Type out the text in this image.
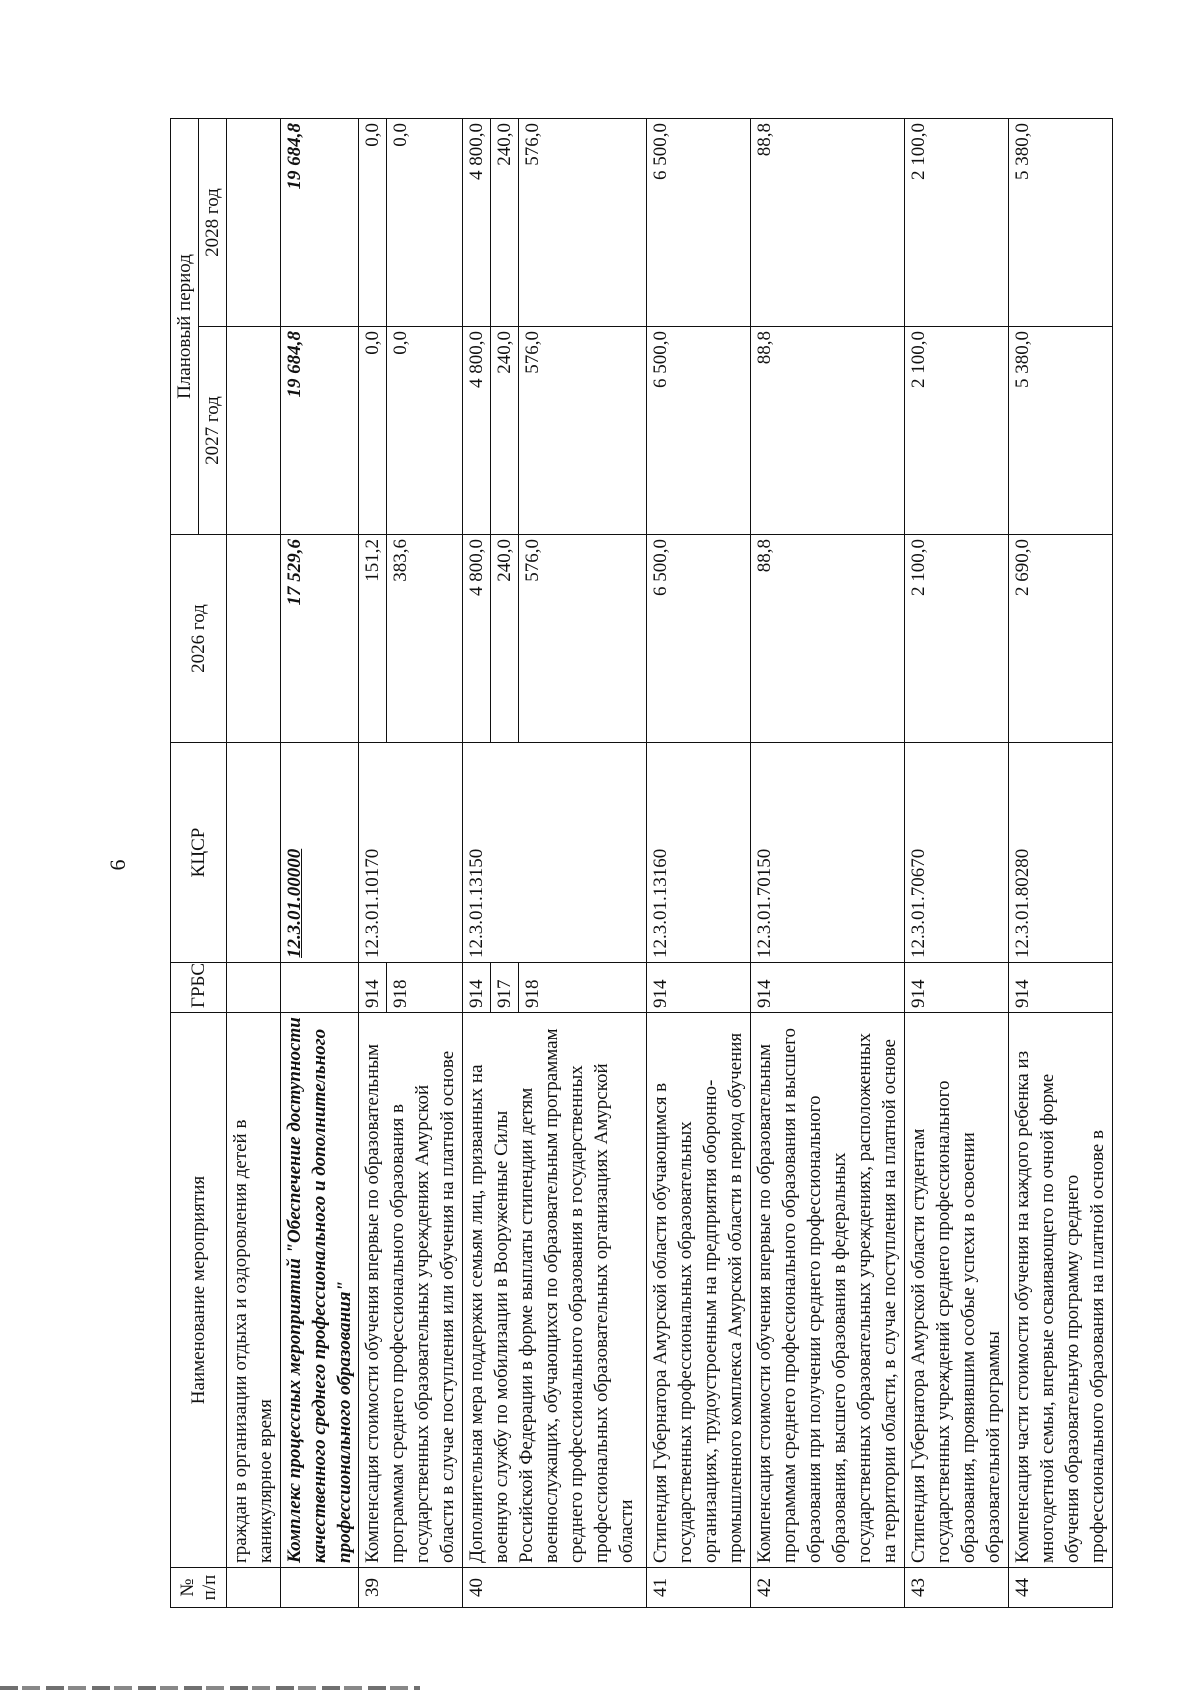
6
№
п/п	Наименование мероприятия	ГРБС	КЦСР	2026 год	Плановый период	
					2027 год	2028 год
	граждан в организации отдыха и оздоровления детей в каникулярное время					
	Комплекс процессных мероприятий "Обеспечение доступности качественного среднего профессионального и дополнительного профессионального образования"		12.3.01.00000	17 529,6	19 684,8	19 684,8
39	Компенсация стоимости обучения впервые по образовательным программам среднего профессионального образования в государственных образовательных учреждениях Амурской области в случае поступления или обучения на платной основе	914	12.3.01.10170	151,2	0,0	0,0
		918		383,6	0,0	0,0
40	Дополнительная мера поддержки семьям лиц, призванных на военную службу по мобилизации в Вооруженные Силы Российской Федерации в форме выплаты стипендии детям военнослужащих, обучающихся по образовательным программам среднего профессионального образования в государственных профессиональных образовательных организациях Амурской области	914	12.3.01.13150	4 800,0	4 800,0	4 800,0
		917		240,0	240,0	240,0
		918		576,0	576,0	576,0
41	Стипендия Губернатора Амурской области обучающимся в государственных профессиональных образовательных организациях, трудоустроенным на предприятия оборонно-промышленного комплекса Амурской области в период обучения	914	12.3.01.13160	6 500,0	6 500,0	6 500,0
42	Компенсация стоимости обучения впервые по образовательным программам среднего профессионального образования и высшего образования при получении среднего профессионального образования, высшего образования в федеральных государственных образовательных учреждениях, расположенных на территории области, в случае поступления на платной основе	914	12.3.01.70150	88,8	88,8	88,8
43	Стипендия Губернатора Амурской области студентам государственных учреждений среднего профессионального образования, проявившим особые успехи в освоении образовательной программы	914	12.3.01.70670	2 100,0	2 100,0	2 100,0
44	Компенсация части стоимости обучения на каждого ребенка из многодетной семьи, впервые осваивающего по очной форме обучения образовательную программу среднего профессионального образования на платной основе в	914	12.3.01.80280	2 690,0	5 380,0	5 380,0
